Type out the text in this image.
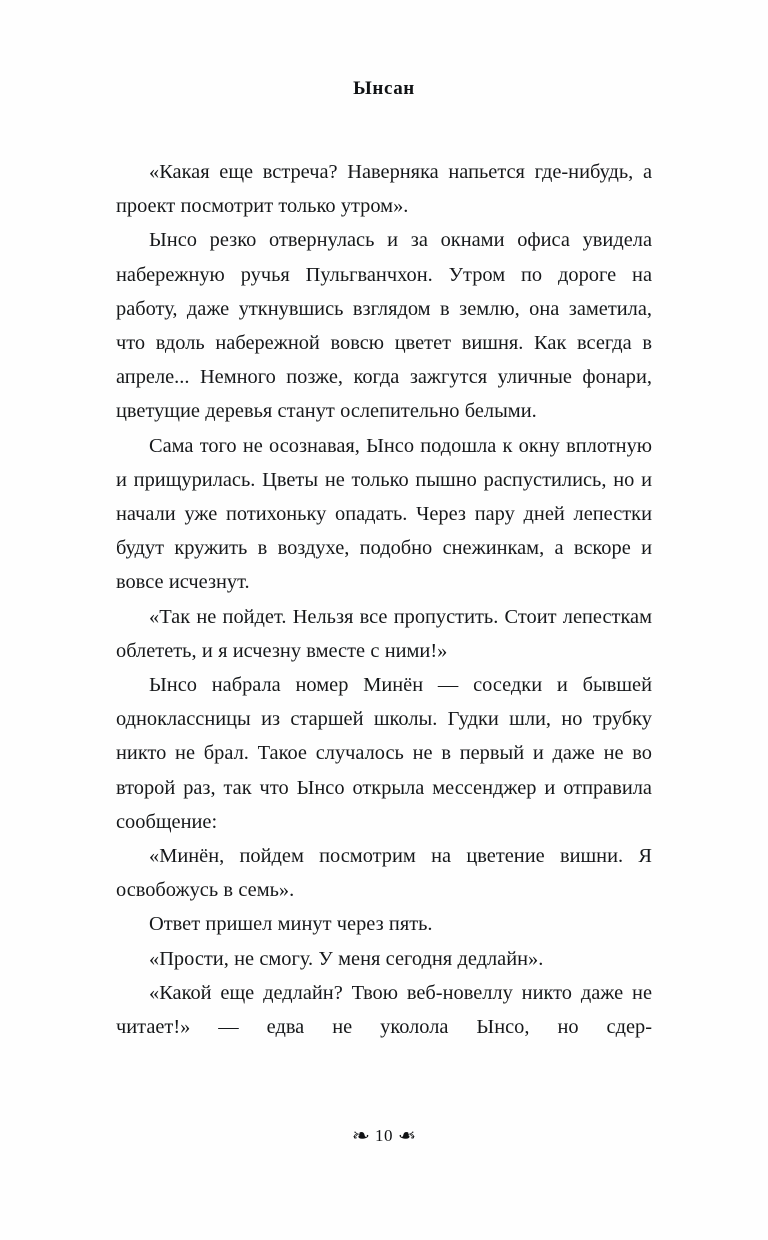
Ынсан

«Какая еще встреча? Наверняка напьется где-нибудь, а проект посмотрит только утром».

Ынсо резко отвернулась и за окнами офиса увидела набережную ручья Пульгванчхон. Утром по дороге на работу, даже уткнувшись взглядом в землю, она заметила, что вдоль набережной вовсю цветет вишня. Как всегда в апреле... Немного позже, когда зажгутся уличные фонари, цветущие деревья станут ослепительно белыми.

Сама того не осознавая, Ынсо подошла к окну вплотную и прищурилась. Цветы не только пышно распустились, но и начали уже потихоньку опадать. Через пару дней лепестки будут кружить в воздухе, подобно снежинкам, а вскоре и вовсе исчезнут.

«Так не пойдет. Нельзя все пропустить. Стоит лепесткам облететь, и я исчезну вместе с ними!»

Ынсо набрала номер Минён — соседки и бывшей одноклассницы из старшей школы. Гудки шли, но трубку никто не брал. Такое случалось не в первый и даже не во второй раз, так что Ынсо открыла мессенджер и отправила сообщение:

«Минён, пойдем посмотрим на цветение вишни. Я освобожусь в семь».

Ответ пришел минут через пять.

«Прости, не смогу. У меня сегодня дедлайн».

«Какой еще дедлайн? Твою веб-новеллу никто даже не читает!» — едва не уколола Ынсо, но сдер-

❧ 10 ❧
